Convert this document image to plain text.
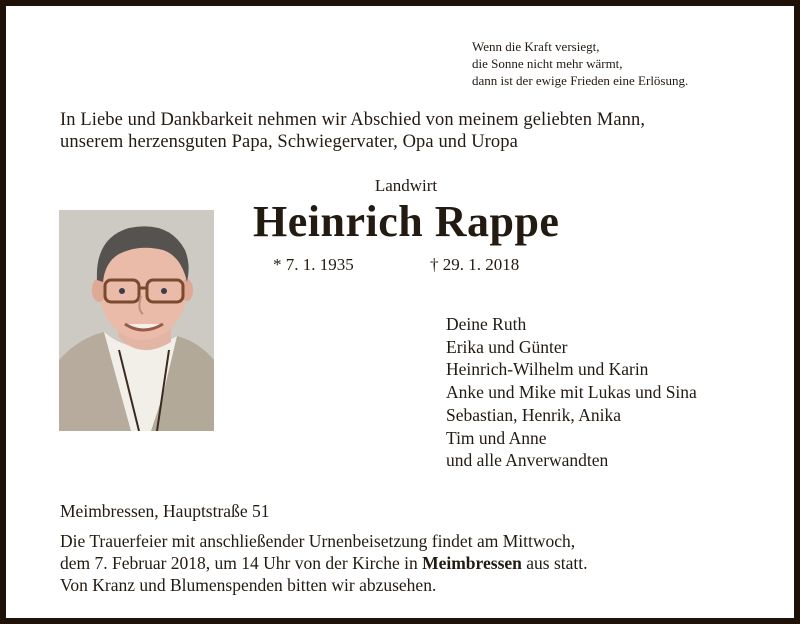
Wenn die Kraft versiegt,
die Sonne nicht mehr wärmt,
dann ist der ewige Frieden eine Erlösung.
In Liebe und Dankbarkeit nehmen wir Abschied von meinem geliebten Mann,
unserem herzensguten Papa, Schwiegervater, Opa und Uropa
Landwirt
Heinrich Rappe
* 7. 1. 1935	† 29. 1. 2018
Deine Ruth
Erika und Günter
Heinrich-Wilhelm und Karin
Anke und Mike mit Lukas und Sina
Sebastian, Henrik, Anika
Tim und Anne
und alle Anverwandten
Meimbressen, Hauptstraße 51
Die Trauerfeier mit anschließender Urnenbeisetzung findet am Mittwoch,
dem 7. Februar 2018, um 14 Uhr von der Kirche in Meimbressen aus statt.
Von Kranz und Blumenspenden bitten wir abzusehen.
